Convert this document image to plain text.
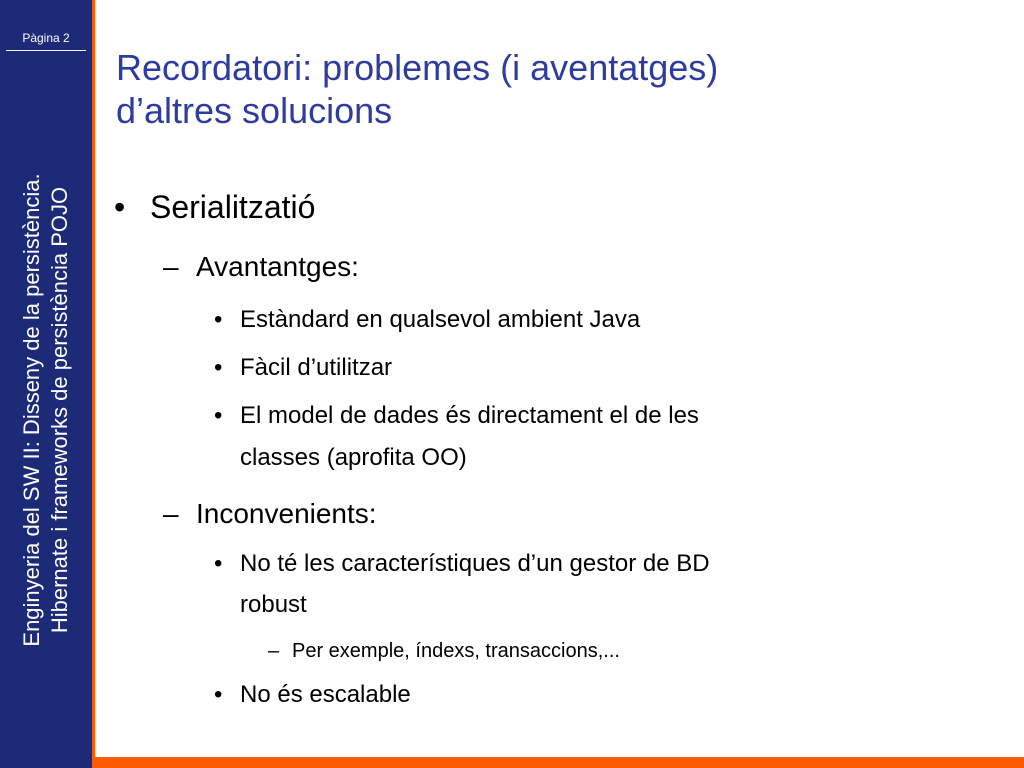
Pàgina 2
Enginyeria del SW II: Disseny de la persistència. Hibernate i frameworks de persistència POJO
Recordatori: problemes (i aventatges)
d’altres solucions
• Serialitzatió
– Avantantges:
• Estàndard en qualsevol ambient Java
• Fàcil d’utilitzar
• El model de dades és directament el de les
classes (aprofita OO)
– Inconvenients:
• No té les característiques d’un gestor de BD
robust
– Per exemple, índexs, transaccions,...
• No és escalable
